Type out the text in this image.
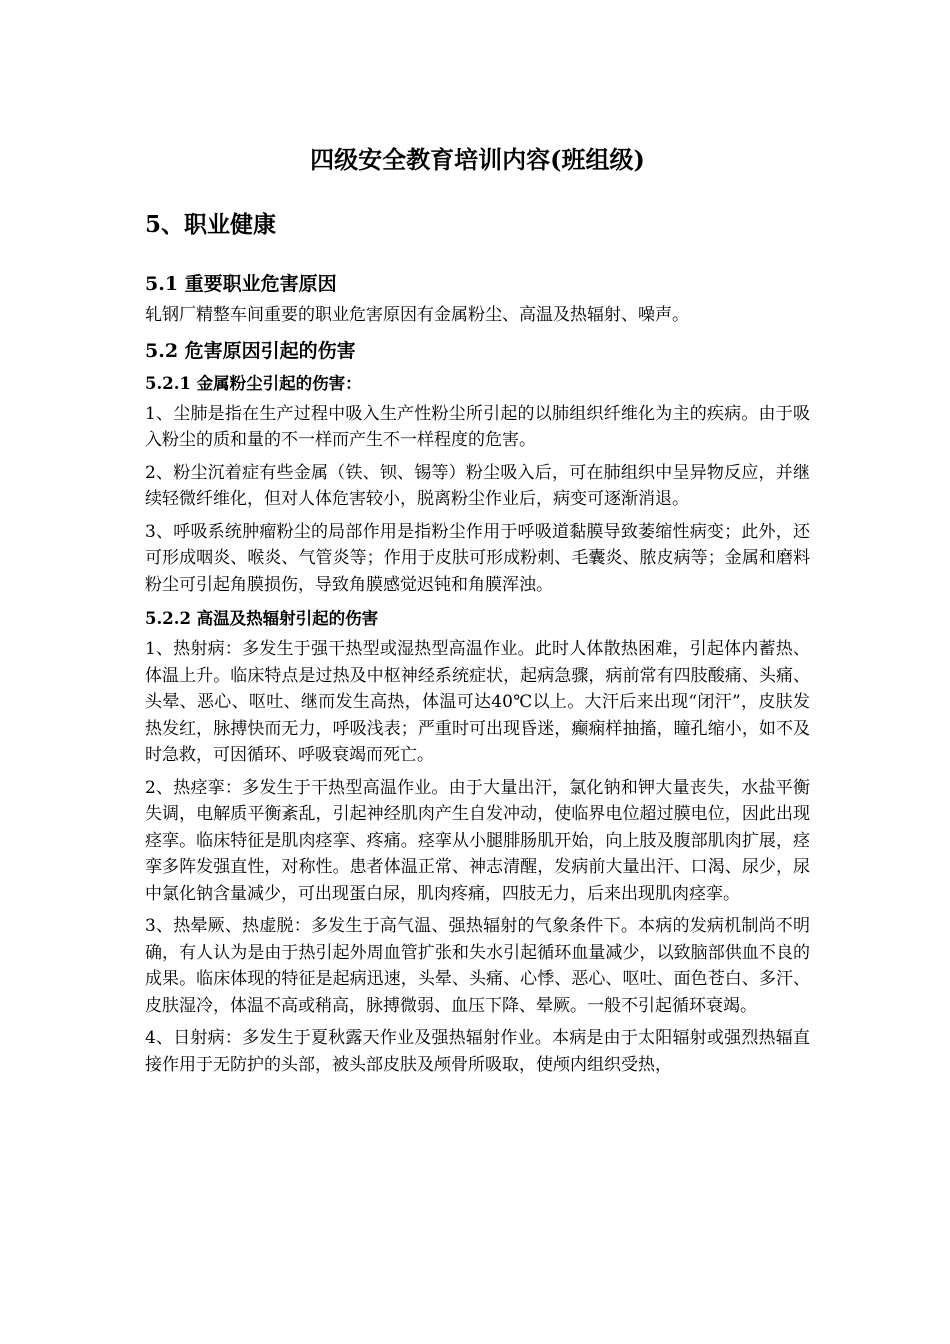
四级安全教育培训内容(班组级)
5、职业健康
5.1 重要职业危害原因

轧钢厂精整车间重要的职业危害原因有金属粉尘、高温及热辐射、噪声。

5.2 危害原因引起的伤害
5.2.1 金属粉尘引起的伤害：

1、尘肺是指在生产过程中吸入生产性粉尘所引起的以肺组织纤维化为主的疾病。由于吸入粉尘的质和量的不一样而产生不一样程度的危害。

2、粉尘沉着症有些金属（铁、钡、锡等）粉尘吸入后，可在肺组织中呈异物反应，并继续轻微纤维化，但对人体危害较小，脱离粉尘作业后，病变可逐渐消退。

3、呼吸系统肿瘤粉尘的局部作用是指粉尘作用于呼吸道黏膜导致萎缩性病变；此外，还可形成咽炎、喉炎、气管炎等；作用于皮肤可形成粉刺、毛囊炎、脓皮病等；金属和磨料粉尘可引起角膜损伤，导致角膜感觉迟钝和角膜浑浊。

5.2.2 高温及热辐射引起的伤害

1、热射病：多发生于强干热型或湿热型高温作业。此时人体散热困难，引起体内蓄热、体温上升。临床特点是过热及中枢神经系统症状，起病急骤，病前常有四肢酸痛、头痛、头晕、恶心、呕吐、继而发生高热，体温可达40℃以上。大汗后来出现“闭汗”，皮肤发热发红，脉搏快而无力，呼吸浅表；严重时可出现昏迷，癫痫样抽搐，瞳孔缩小，如不及时急救，可因循环、呼吸衰竭而死亡。

2、热痉挛：多发生于干热型高温作业。由于大量出汗，氯化钠和钾大量丧失，水盐平衡失调，电解质平衡紊乱，引起神经肌肉产生自发冲动，使临界电位超过膜电位，因此出现痉挛。临床特征是肌肉痉挛、疼痛。痉挛从小腿腓肠肌开始，向上肢及腹部肌肉扩展，痉挛多阵发强直性，对称性。患者体温正常、神志清醒，发病前大量出汗、口渴、尿少，尿中氯化钠含量减少，可出现蛋白尿，肌肉疼痛，四肢无力，后来出现肌肉痉挛。

3、热晕厥、热虚脱：多发生于高气温、强热辐射的气象条件下。本病的发病机制尚不明确，有人认为是由于热引起外周血管扩张和失水引起循环血量减少，以致脑部供血不良的成果。临床体现的特征是起病迅速，头晕、头痛、心悸、恶心、呕吐、面色苍白、多汗、皮肤湿冷，体温不高或稍高，脉搏微弱、血压下降、晕厥。一般不引起循环衰竭。

4、日射病：多发生于夏秋露天作业及强热辐射作业。本病是由于太阳辐射或强烈热辐直接作用于无防护的头部，被头部皮肤及颅骨所吸取，使颅内组织受热，
